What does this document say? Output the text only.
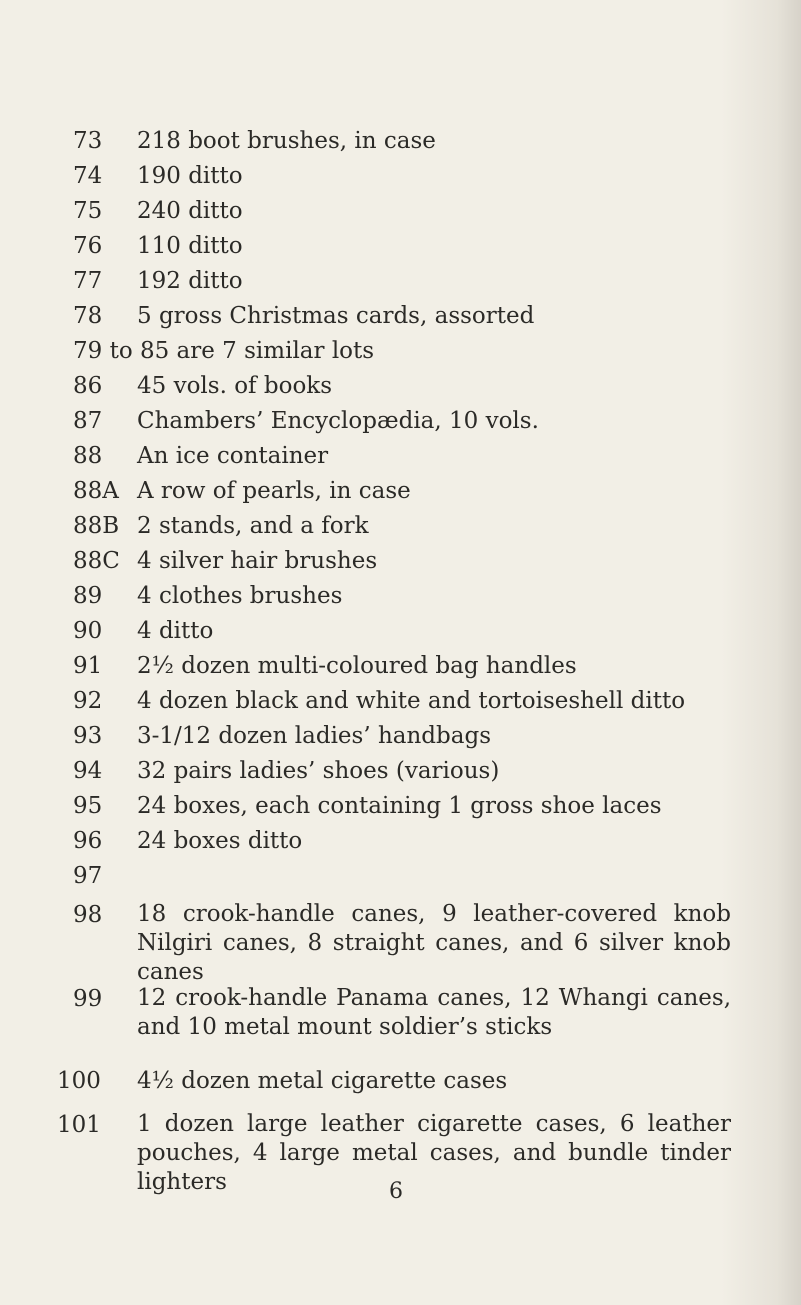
73	218 boot brushes, in case
74	190 ditto
75	240 ditto
76	110 ditto
77	192 ditto
78	5 gross Christmas cards, assorted
79 to 85 are 7 similar lots
86	45 vols. of books
87	Chambers’ Encyclopædia, 10 vols.
88	An ice container
88A A row of pearls, in case
88B 2 stands, and a fork
88C 4 silver hair brushes
89	4 clothes brushes
90	4 ditto
91	2½ dozen multi-coloured bag handles
92	4 dozen black and white and tortoiseshell ditto
93	3-1/12 dozen ladies’ handbags
94	32 pairs ladies’ shoes (various)
95	24 boxes, each containing 1 gross shoe laces
96	24 boxes ditto
97
98	18 crook-handle canes, 9 leather-covered knob Nilgiri canes, 8 straight canes, and 6 silver knob canes
99	12 crook-handle Panama canes, 12 Whangi canes, and 10 metal mount soldier’s sticks
100	4½ dozen metal cigarette cases
101	1 dozen large leather cigarette cases, 6 leather pouches, 4 large metal cases, and bundle tinder lighters	6
